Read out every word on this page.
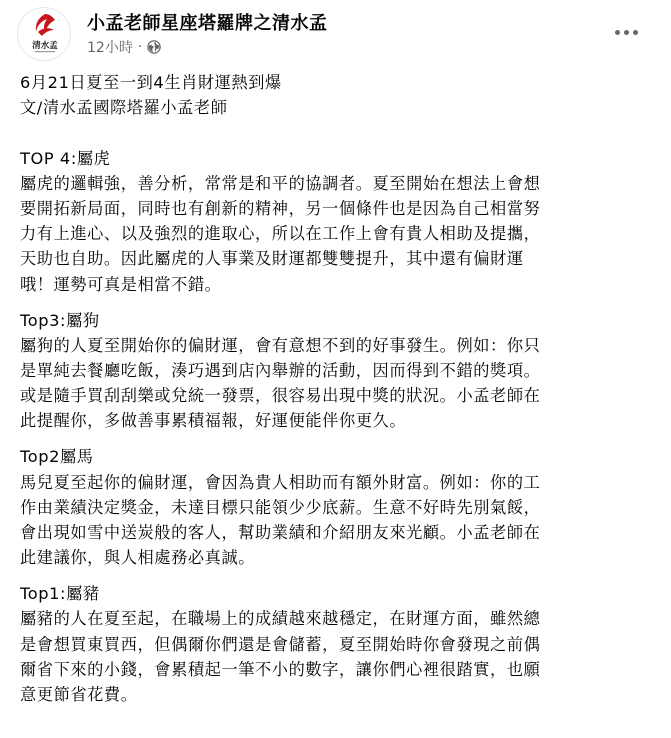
清水孟
小孟老師星座塔羅牌之清水孟
12小時 ·

6月21日夏至一到4生肖財運熱到爆

文/清水孟國際塔羅小孟老師

TOP 4:屬虎

屬虎的邏輯強，善分析，常常是和平的協調者。夏至開始在想法上會想

要開拓新局面，同時也有創新的精神，另一個條件也是因為自己相當努

力有上進心、以及強烈的進取心，所以在工作上會有貴人相助及提攜，

天助也自助。因此屬虎的人事業及財運都雙雙提升，其中還有偏財運

哦！運勢可真是相當不錯。

Top3:屬狗

屬狗的人夏至開始你的偏財運，會有意想不到的好事發生。例如：你只

是單純去餐廳吃飯，湊巧遇到店內舉辦的活動，因而得到不錯的獎項。

或是隨手買刮刮樂或兌統一發票，很容易出現中獎的狀況。小孟老師在

此提醒你，多做善事累積福報，好運便能伴你更久。

Top2屬馬

馬兒夏至起你的偏財運，會因為貴人相助而有額外財富。例如：你的工

作由業績決定獎金，未達目標只能領少少底薪。生意不好時先別氣餒，

會出現如雪中送炭般的客人，幫助業績和介紹朋友來光顧。小孟老師在

此建議你，與人相處務必真誠。

Top1:屬豬

屬豬的人在夏至起，在職場上的成績越來越穩定，在財運方面，雖然總

是會想買東買西，但偶爾你們還是會儲蓄，夏至開始時你會發現之前偶

爾省下來的小錢，會累積起一筆不小的數字，讓你們心裡很踏實，也願

意更節省花費。
